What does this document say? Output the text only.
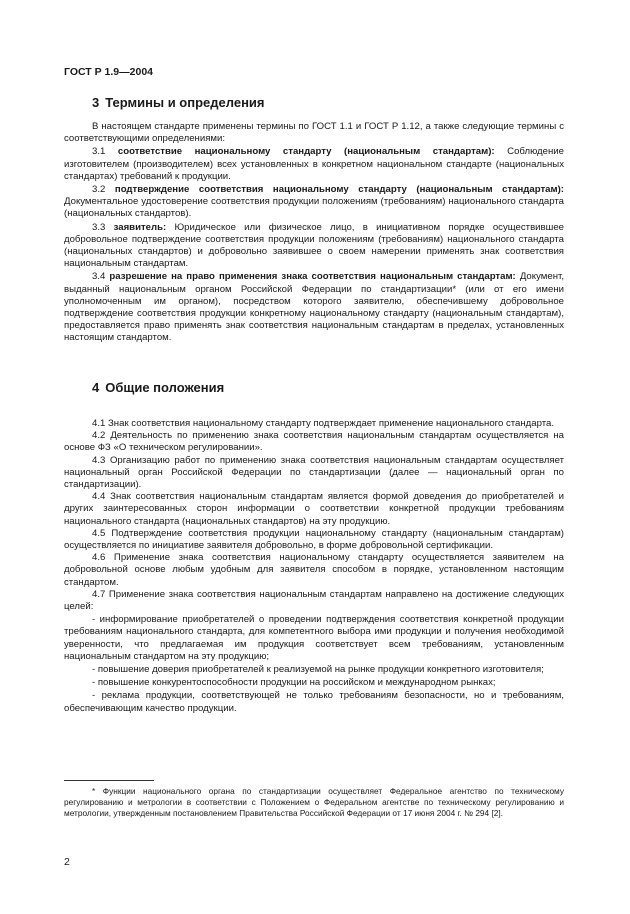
ГОСТ Р 1.9—2004
3 Термины и определения

В настоящем стандарте применены термины по ГОСТ 1.1 и ГОСТ Р 1.12, а также следующие термины с соответствующими определениями:

3.1 соответствие национальному стандарту (национальным стандартам): Соблюдение изготовителем (производителем) всех установленных в конкретном национальном стандарте (национальных стандартах) требований к продукции.

3.2 подтверждение соответствия национальному стандарту (национальным стандартам): Документальное удостоверение соответствия продукции положениям (требованиям) национального стандарта (национальных стандартов).

3.3 заявитель: Юридическое или физическое лицо, в инициативном порядке осуществившее добровольное подтверждение соответствия продукции положениям (требованиям) национального стандарта (национальных стандартов) и добровольно заявившее о своем намерении применять знак соответствия национальным стандартам.

3.4 разрешение на право применения знака соответствия национальным стандартам: Документ, выданный национальным органом Российской Федерации по стандартизации* (или от его имени уполномоченным им органом), посредством которого заявителю, обеспечившему добровольное подтверждение соответствия продукции конкретному национальному стандарту (национальным стандартам), предоставляется право применять знак соответствия национальным стандартам в пределах, установленных настоящим стандартом.

4 Общие положения

4.1 Знак соответствия национальному стандарту подтверждает применение национального стандарта.

4.2 Деятельность по применению знака соответствия национальным стандартам осуществляется на основе ФЗ «О техническом регулировании».

4.3 Организацию работ по применению знака соответствия национальным стандартам осуществляет национальный орган Российской Федерации по стандартизации (далее — национальный орган по стандартизации).

4.4 Знак соответствия национальным стандартам является формой доведения до приобретателей и других заинтересованных сторон информации о соответствии конкретной продукции требованиям национального стандарта (национальных стандартов) на эту продукцию.

4.5 Подтверждение соответствия продукции национальному стандарту (национальным стандартам) осуществляется по инициативе заявителя добровольно, в форме добровольной сертификации.

4.6 Применение знака соответствия национальному стандарту осуществляется заявителем на добровольной основе любым удобным для заявителя способом в порядке, установленном настоящим стандартом.

4.7 Применение знака соответствия национальным стандартам направлено на достижение следующих целей:

- информирование приобретателей о проведении подтверждения соответствия конкретной продукции требованиям национального стандарта, для компетентного выбора ими продукции и получения необходимой уверенности, что предлагаемая им продукция соответствует всем требованиям, установленным национальным стандартом на эту продукцию;

- повышение доверия приобретателей к реализуемой на рынке продукции конкретного изготовителя;

- повышение конкурентоспособности продукции на российском и международном рынках;

- реклама продукции, соответствующей не только требованиям безопасности, но и требованиям, обеспечивающим качество продукции.

* Функции национального органа по стандартизации осуществляет Федеральное агентство по техническому регулированию и метрологии в соответствии с Положением о Федеральном агентстве по техническому регулированию и метрологии, утвержденным постановлением Правительства Российской Федерации от 17 июня 2004 г. № 294 [2].

2
